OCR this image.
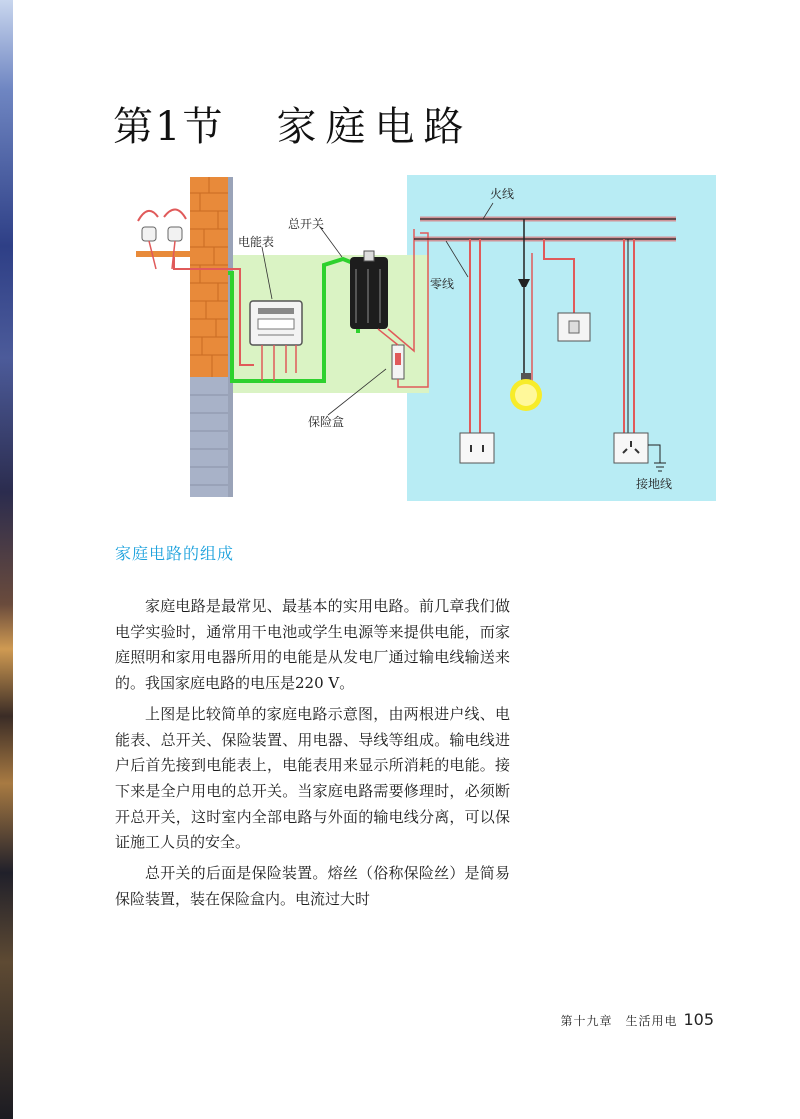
第1节 家庭电路
火线
总开关
电能表
零线
保险盒
接地线
家庭电路的组成

家庭电路是最常见、最基本的实用电路。前几章我们做电学实验时，通常用干电池或学生电源等来提供电能，而家庭照明和家用电器所用的电能是从发电厂通过输电线输送来的。我国家庭电路的电压是220 V。

上图是比较简单的家庭电路示意图，由两根进户线、电能表、总开关、保险装置、用电器、导线等组成。输电线进户后首先接到电能表上，电能表用来显示所消耗的电能。接下来是全户用电的总开关。当家庭电路需要修理时，必须断开总开关，这时室内全部电路与外面的输电线分离，可以保证施工人员的安全。

总开关的后面是保险装置。熔丝（俗称保险丝）是简易保险装置，装在保险盒内。电流过大时

第十九章　生活用电 105
